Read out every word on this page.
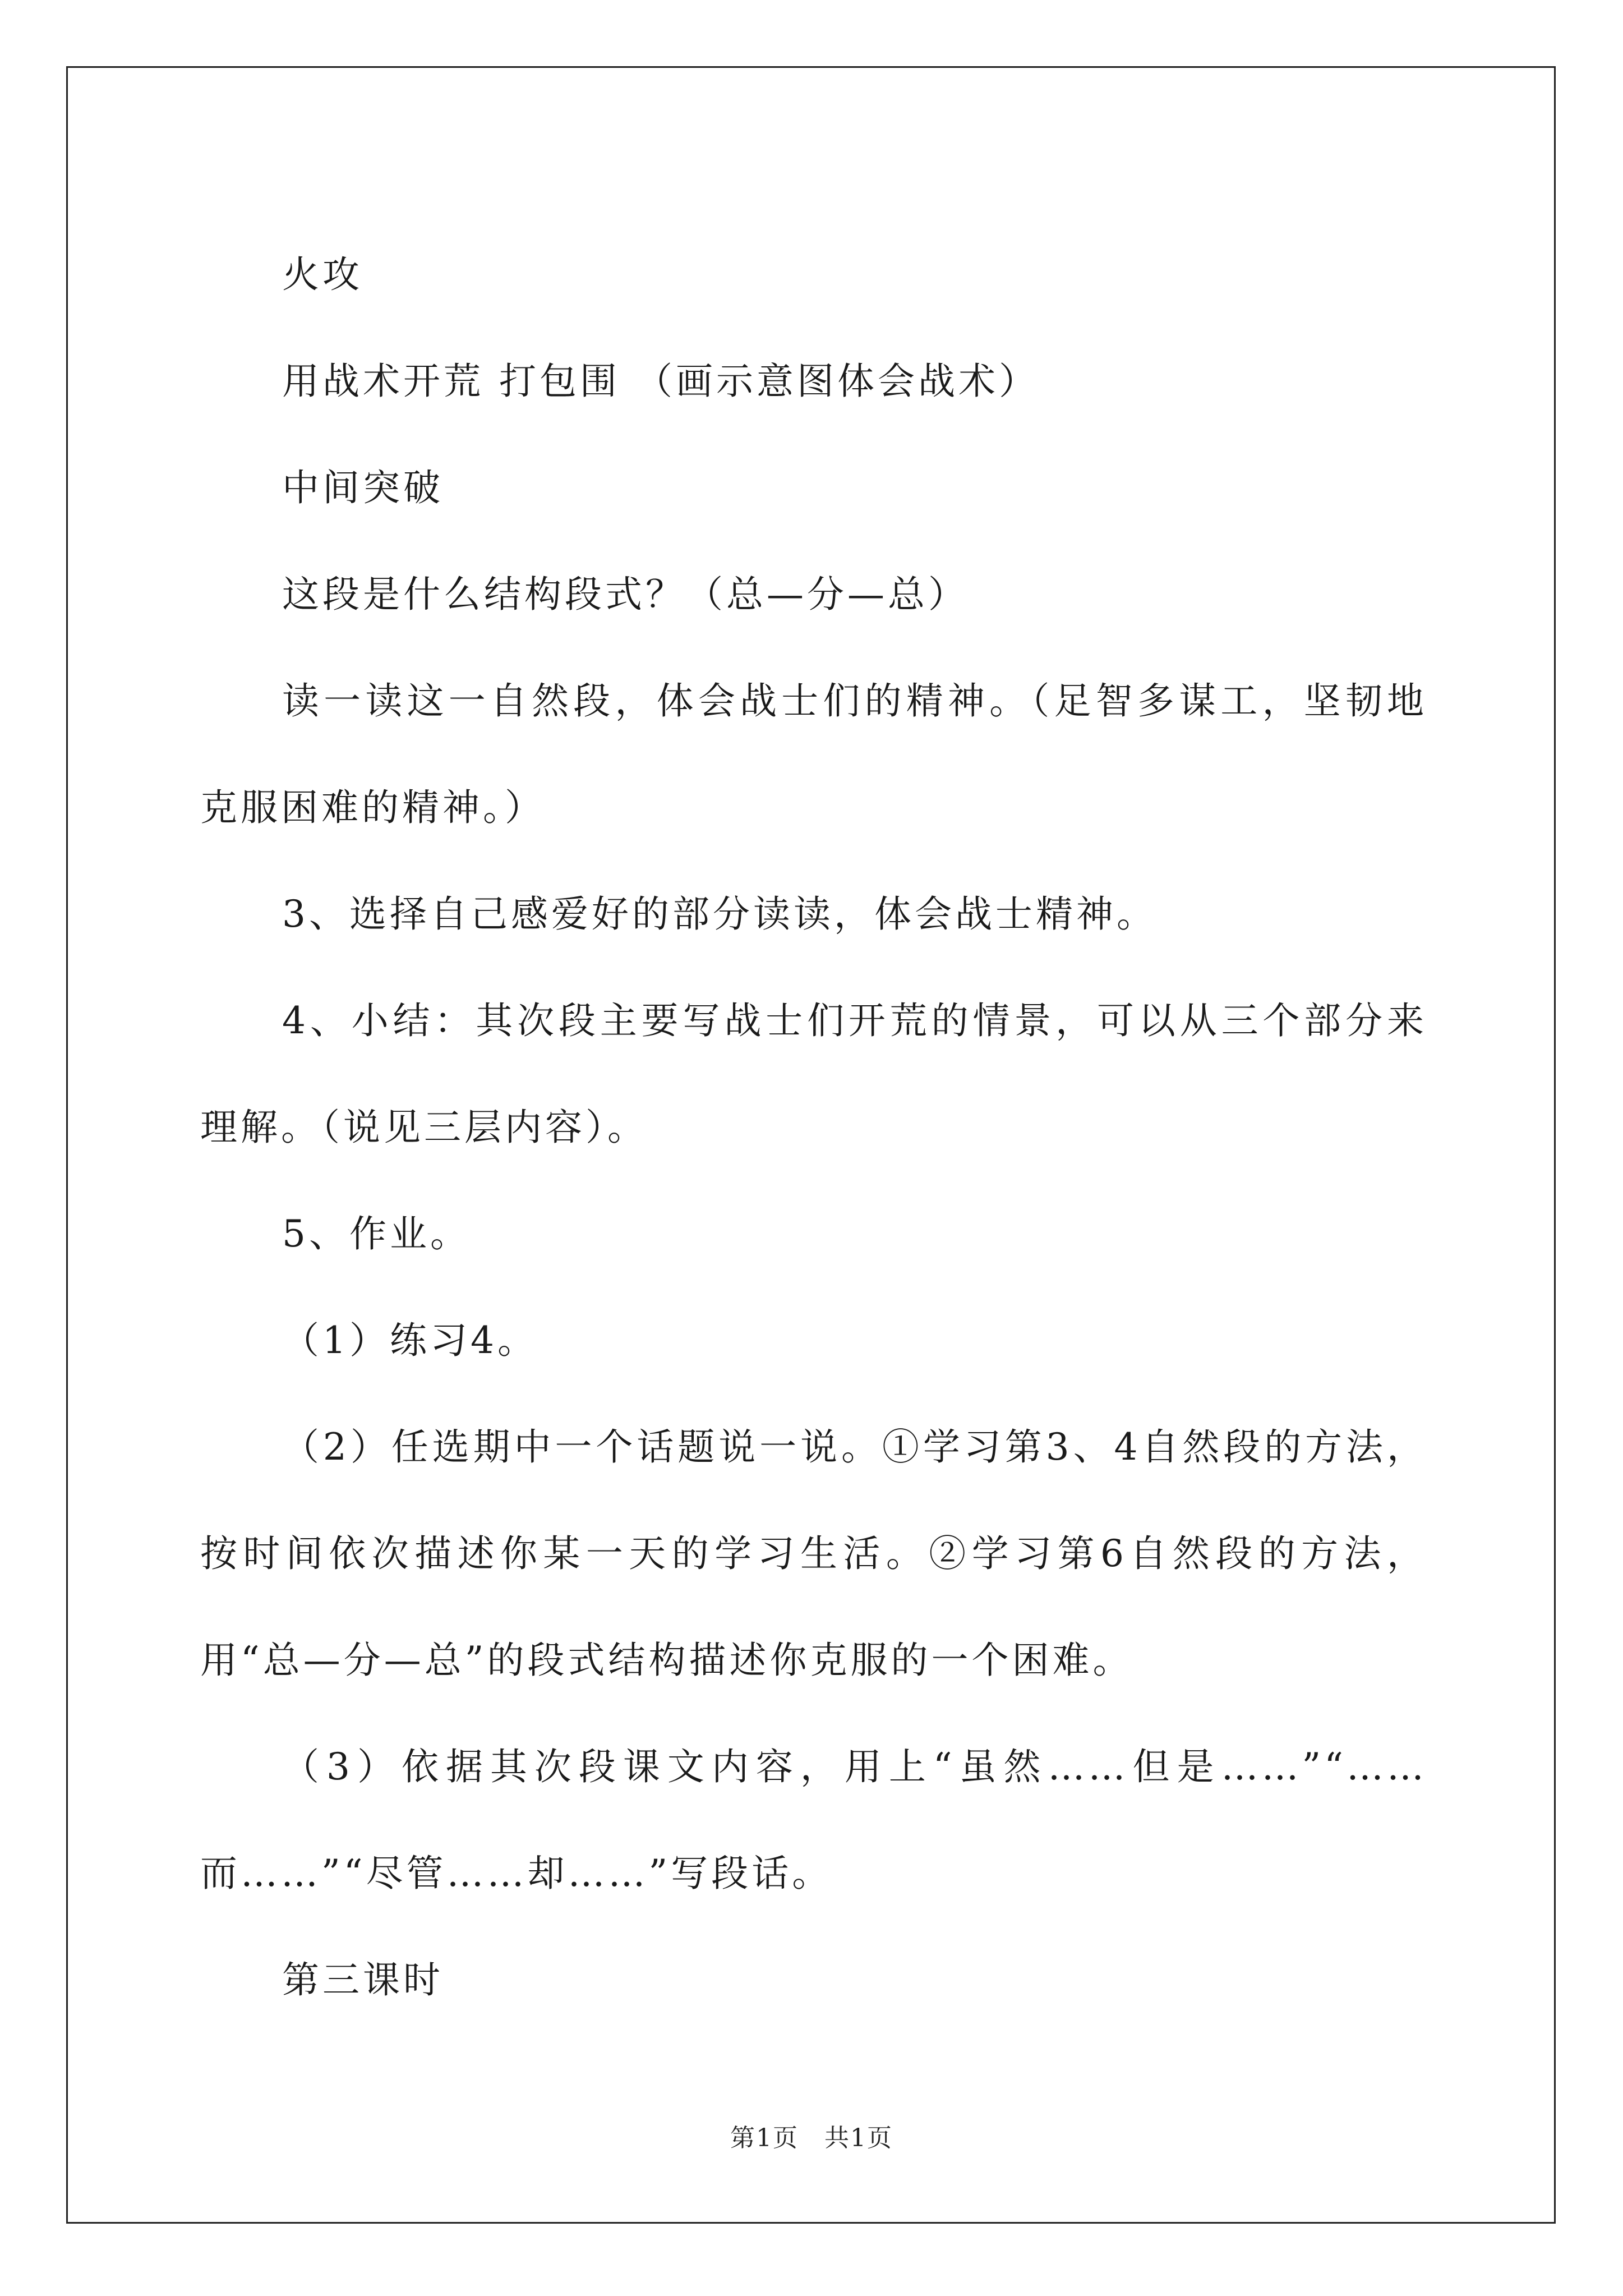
火攻

用战术开荒 打包围 （画示意图体会战术）

中间突破

这段是什么结构段式？（总—分—总）

读一读这一自然段，体会战士们的精神。（足智多谋工，坚韧地克服困难的精神。）

3、选择自己感爱好的部分读读，体会战士精神。

4、小结：其次段主要写战士们开荒的情景，可以从三个部分来理解。（说见三层内容）。

5、作业。

（1）练习4。

（2）任选期中一个话题说一说。①学习第3、4自然段的方法，按时间依次描述你某一天的学习生活。②学习第6自然段的方法，用“总—分—总”的段式结构描述你克服的一个困难。

（3）依据其次段课文内容，用上“虽然……但是……”“……而……”“尽管……却……”写段话。

第三课时

第1页　共1页
